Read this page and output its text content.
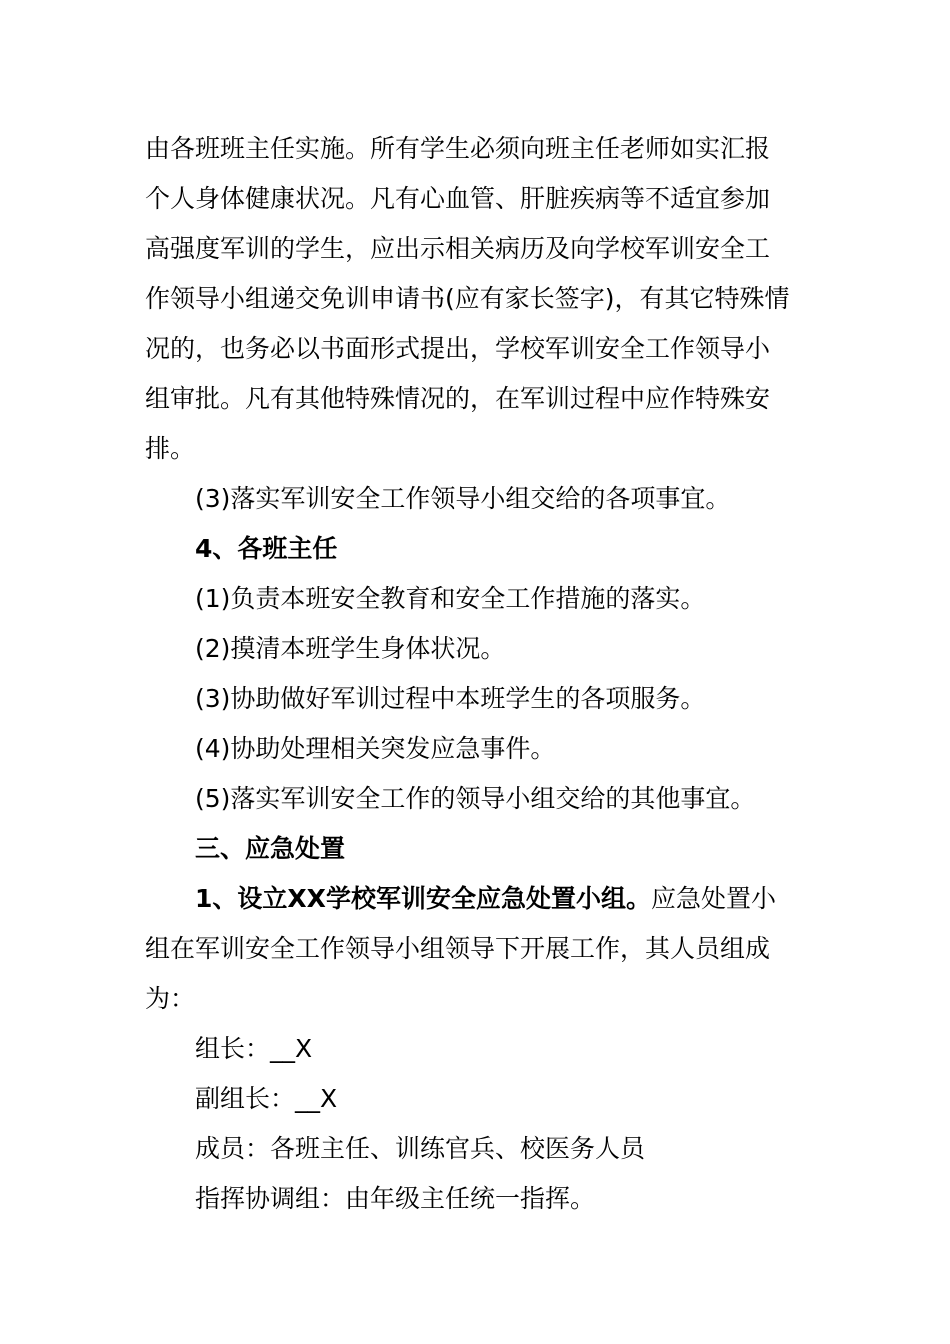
由各班班主任实施。所有学生必须向班主任老师如实汇报

个人身体健康状况。凡有心血管、肝脏疾病等不适宜参加

高强度军训的学生，应出示相关病历及向学校军训安全工

作领导小组递交免训申请书(应有家长签字)，有其它特殊情

况的，也务必以书面形式提出，学校军训安全工作领导小

组审批。凡有其他特殊情况的，在军训过程中应作特殊安

排。

(3)落实军训安全工作领导小组交给的各项事宜。

4、各班主任

(1)负责本班安全教育和安全工作措施的落实。

(2)摸清本班学生身体状况。

(3)协助做好军训过程中本班学生的各项服务。

(4)协助处理相关突发应急事件。

(5)落实军训安全工作的领导小组交给的其他事宜。

三、应急处置

1、设立XX学校军训安全应急处置小组。应急处置小

组在军训安全工作领导小组领导下开展工作，其人员组成

为：

组长：__X

副组长：__X

成员：各班主任、训练官兵、校医务人员

指挥协调组：由年级主任统一指挥。
